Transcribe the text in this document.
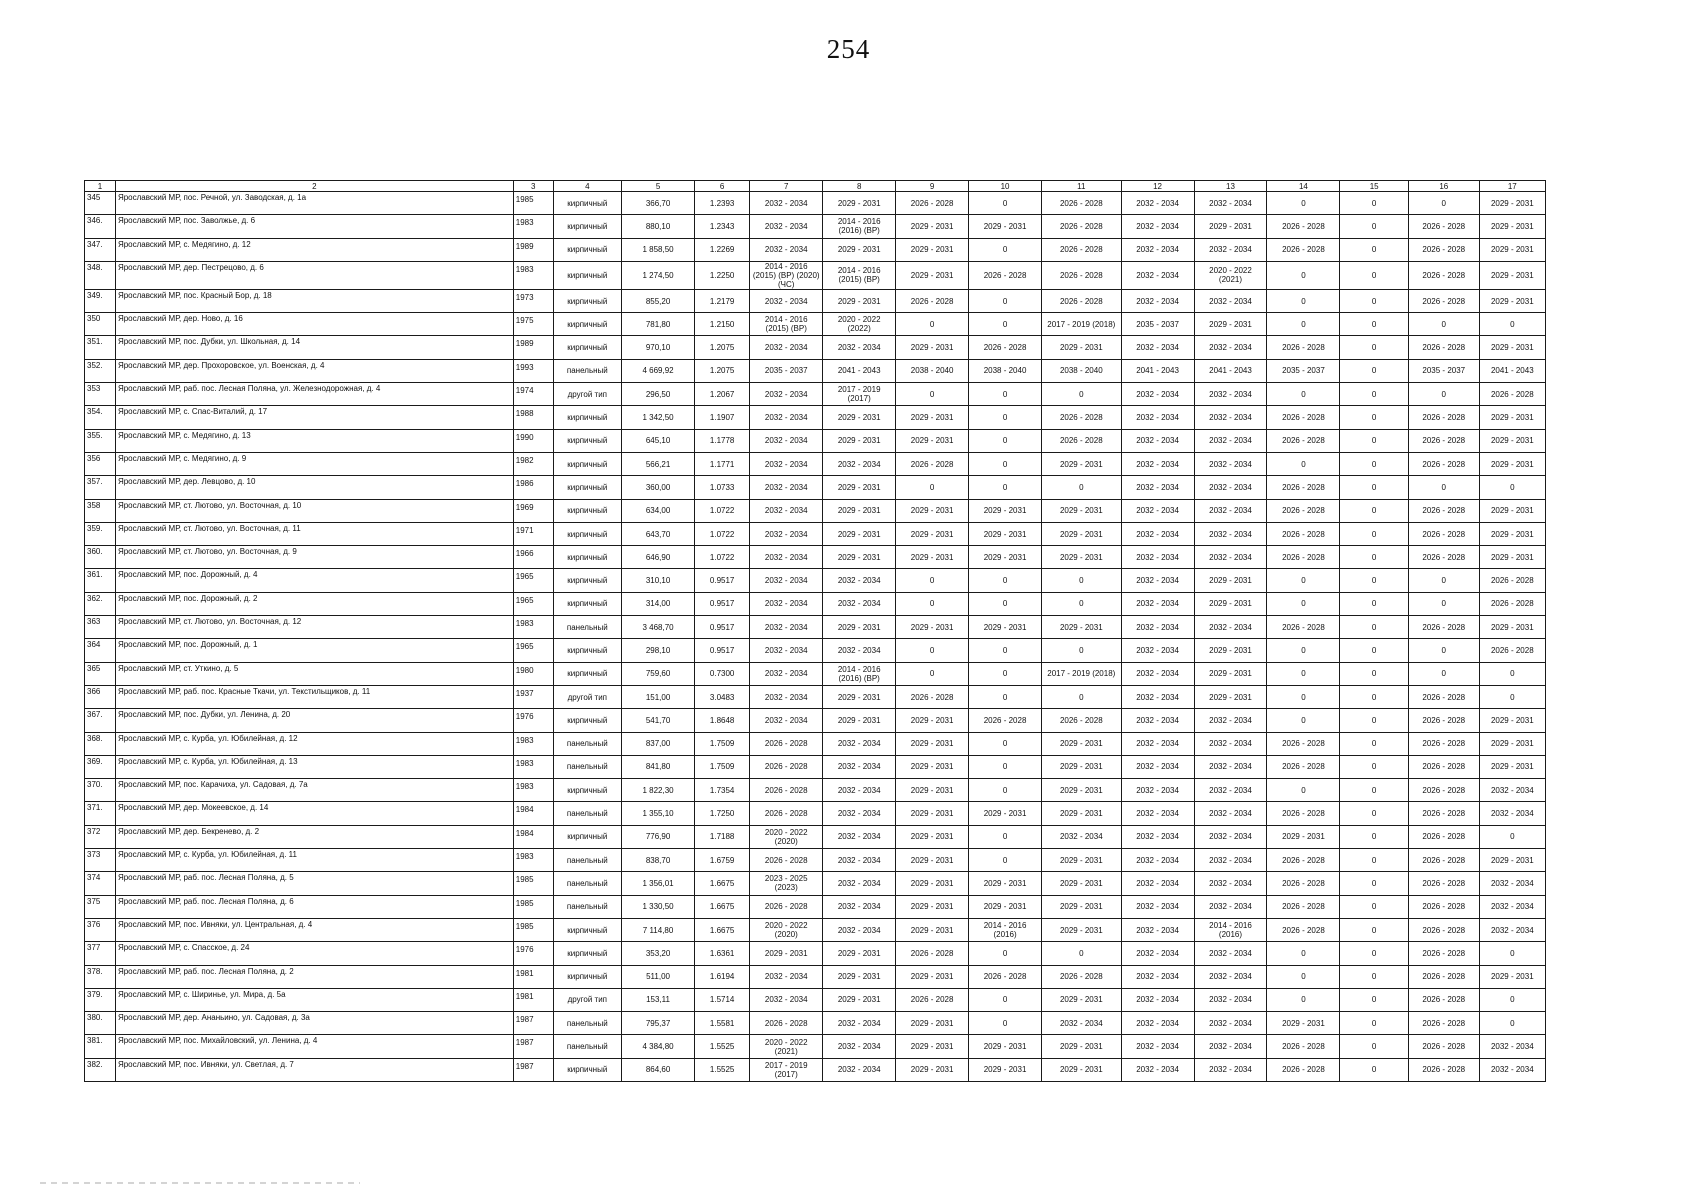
254
1	2	3	4	5	6	7	8	9	10	11	12	13	14	15	16	17
345	Ярославский МР, пос. Речной, ул. Заводская, д. 1а	1985	кирпичный	366,70	1.2393	2032 - 2034	2029 - 2031	2026 - 2028	0	2026 - 2028	2032 - 2034	2032 - 2034	0	0	0	2029 - 2031
346.	Ярославский МР, пос. Заволжье, д. 6	1983	кирпичный	880,10	1.2343	2032 - 2034	2014 - 2016 (2016) (ВР)	2029 - 2031	2029 - 2031	2026 - 2028	2032 - 2034	2029 - 2031	2026 - 2028	0	2026 - 2028	2029 - 2031
347.	Ярославский МР, с. Медягино, д. 12	1989	кирпичный	1 858,50	1.2269	2032 - 2034	2029 - 2031	2029 - 2031	0	2026 - 2028	2032 - 2034	2032 - 2034	2026 - 2028	0	2026 - 2028	2029 - 2031
348.	Ярославский МР, дер. Пестрецово, д. 6	1983	кирпичный	1 274,50	1.2250	2014 - 2016 (2015) (ВР) (2020) (ЧС)	2014 - 2016 (2015) (ВР)	2029 - 2031	2026 - 2028	2026 - 2028	2032 - 2034	2020 - 2022 (2021)	0	0	2026 - 2028	2029 - 2031
349.	Ярославский МР, пос. Красный Бор, д. 18	1973	кирпичный	855,20	1.2179	2032 - 2034	2029 - 2031	2026 - 2028	0	2026 - 2028	2032 - 2034	2032 - 2034	0	0	2026 - 2028	2029 - 2031
350	Ярославский МР, дер. Ново, д. 16	1975	кирпичный	781,80	1.2150	2014 - 2016 (2015) (ВР)	2020 - 2022 (2022)	0	0	2017 - 2019 (2018)	2035 - 2037	2029 - 2031	0	0	0	0
351.	Ярославский МР, пос. Дубки, ул. Школьная, д. 14	1989	кирпичный	970,10	1.2075	2032 - 2034	2032 - 2034	2029 - 2031	2026 - 2028	2029 - 2031	2032 - 2034	2032 - 2034	2026 - 2028	0	2026 - 2028	2029 - 2031
352.	Ярославский МР, дер. Прохоровское, ул. Военская, д. 4	1993	панельный	4 669,92	1.2075	2035 - 2037	2041 - 2043	2038 - 2040	2038 - 2040	2038 - 2040	2041 - 2043	2041 - 2043	2035 - 2037	0	2035 - 2037	2041 - 2043
353	Ярославский МР, раб. пос. Лесная Поляна, ул. Железнодорожная, д. 4	1974	другой тип	296,50	1.2067	2032 - 2034	2017 - 2019 (2017)	0	0	0	2032 - 2034	2032 - 2034	0	0	0	2026 - 2028
354.	Ярославский МР, с. Спас-Виталий, д. 17	1988	кирпичный	1 342,50	1.1907	2032 - 2034	2029 - 2031	2029 - 2031	0	2026 - 2028	2032 - 2034	2032 - 2034	2026 - 2028	0	2026 - 2028	2029 - 2031
355.	Ярославский МР, с. Медягино, д. 13	1990	кирпичный	645,10	1.1778	2032 - 2034	2029 - 2031	2029 - 2031	0	2026 - 2028	2032 - 2034	2032 - 2034	2026 - 2028	0	2026 - 2028	2029 - 2031
356	Ярославский МР, с. Медягино, д. 9	1982	кирпичный	566,21	1.1771	2032 - 2034	2032 - 2034	2026 - 2028	0	2029 - 2031	2032 - 2034	2032 - 2034	0	0	2026 - 2028	2029 - 2031
357.	Ярославский МР, дер. Левцово, д. 10	1986	кирпичный	360,00	1.0733	2032 - 2034	2029 - 2031	0	0	0	2032 - 2034	2032 - 2034	2026 - 2028	0	0	0
358	Ярославский МР, ст. Лютово, ул. Восточная, д. 10	1969	кирпичный	634,00	1.0722	2032 - 2034	2029 - 2031	2029 - 2031	2029 - 2031	2029 - 2031	2032 - 2034	2032 - 2034	2026 - 2028	0	2026 - 2028	2029 - 2031
359.	Ярославский МР, ст. Лютово, ул. Восточная, д. 11	1971	кирпичный	643,70	1.0722	2032 - 2034	2029 - 2031	2029 - 2031	2029 - 2031	2029 - 2031	2032 - 2034	2032 - 2034	2026 - 2028	0	2026 - 2028	2029 - 2031
360.	Ярославский МР, ст. Лютово, ул. Восточная, д. 9	1966	кирпичный	646,90	1.0722	2032 - 2034	2029 - 2031	2029 - 2031	2029 - 2031	2029 - 2031	2032 - 2034	2032 - 2034	2026 - 2028	0	2026 - 2028	2029 - 2031
361.	Ярославский МР, пос. Дорожный, д. 4	1965	кирпичный	310,10	0.9517	2032 - 2034	2032 - 2034	0	0	0	2032 - 2034	2029 - 2031	0	0	0	2026 - 2028
362.	Ярославский МР, пос. Дорожный, д. 2	1965	кирпичный	314,00	0.9517	2032 - 2034	2032 - 2034	0	0	0	2032 - 2034	2029 - 2031	0	0	0	2026 - 2028
363	Ярославский МР, ст. Лютово, ул. Восточная, д. 12	1983	панельный	3 468,70	0.9517	2032 - 2034	2029 - 2031	2029 - 2031	2029 - 2031	2029 - 2031	2032 - 2034	2032 - 2034	2026 - 2028	0	2026 - 2028	2029 - 2031
364	Ярославский МР, пос. Дорожный, д. 1	1965	кирпичный	298,10	0.9517	2032 - 2034	2032 - 2034	0	0	0	2032 - 2034	2029 - 2031	0	0	0	2026 - 2028
365	Ярославский МР, ст. Уткино, д. 5	1980	кирпичный	759,60	0.7300	2032 - 2034	2014 - 2016 (2016) (ВР)	0	0	2017 - 2019 (2018)	2032 - 2034	2029 - 2031	0	0	0	0
366	Ярославский МР, раб. пос. Красные Ткачи, ул. Текстильщиков, д. 11	1937	другой тип	151,00	3.0483	2032 - 2034	2029 - 2031	2026 - 2028	0	0	2032 - 2034	2029 - 2031	0	0	2026 - 2028	0
367.	Ярославский МР, пос. Дубки, ул. Ленина, д. 20	1976	кирпичный	541,70	1.8648	2032 - 2034	2029 - 2031	2029 - 2031	2026 - 2028	2026 - 2028	2032 - 2034	2032 - 2034	0	0	2026 - 2028	2029 - 2031
368.	Ярославский МР, с. Курба, ул. Юбилейная, д. 12	1983	панельный	837,00	1.7509	2026 - 2028	2032 - 2034	2029 - 2031	0	2029 - 2031	2032 - 2034	2032 - 2034	2026 - 2028	0	2026 - 2028	2029 - 2031
369.	Ярославский МР, с. Курба, ул. Юбилейная, д. 13	1983	панельный	841,80	1.7509	2026 - 2028	2032 - 2034	2029 - 2031	0	2029 - 2031	2032 - 2034	2032 - 2034	2026 - 2028	0	2026 - 2028	2029 - 2031
370.	Ярославский МР, пос. Карачиха, ул. Садовая, д. 7а	1983	кирпичный	1 822,30	1.7354	2026 - 2028	2032 - 2034	2029 - 2031	0	2029 - 2031	2032 - 2034	2032 - 2034	0	0	2026 - 2028	2032 - 2034
371.	Ярославский МР, дер. Мокеевское, д. 14	1984	панельный	1 355,10	1.7250	2026 - 2028	2032 - 2034	2029 - 2031	2029 - 2031	2029 - 2031	2032 - 2034	2032 - 2034	2026 - 2028	0	2026 - 2028	2032 - 2034
372	Ярославский МР, дер. Бекренево, д. 2	1984	кирпичный	776,90	1.7188	2020 - 2022 (2020)	2032 - 2034	2029 - 2031	0	2032 - 2034	2032 - 2034	2032 - 2034	2029 - 2031	0	2026 - 2028	0
373	Ярославский МР, с. Курба, ул. Юбилейная, д. 11	1983	панельный	838,70	1.6759	2026 - 2028	2032 - 2034	2029 - 2031	0	2029 - 2031	2032 - 2034	2032 - 2034	2026 - 2028	0	2026 - 2028	2029 - 2031
374	Ярославский МР, раб. пос. Лесная Поляна, д. 5	1985	панельный	1 356,01	1.6675	2023 - 2025 (2023)	2032 - 2034	2029 - 2031	2029 - 2031	2029 - 2031	2032 - 2034	2032 - 2034	2026 - 2028	0	2026 - 2028	2032 - 2034
375	Ярославский МР, раб. пос. Лесная Поляна, д. 6	1985	панельный	1 330,50	1.6675	2026 - 2028	2032 - 2034	2029 - 2031	2029 - 2031	2029 - 2031	2032 - 2034	2032 - 2034	2026 - 2028	0	2026 - 2028	2032 - 2034
376	Ярославский МР, пос. Ивняки, ул. Центральная, д. 4	1985	кирпичный	7 114,80	1.6675	2020 - 2022 (2020)	2032 - 2034	2029 - 2031	2014 - 2016 (2016)	2029 - 2031	2032 - 2034	2014 - 2016 (2016)	2026 - 2028	0	2026 - 2028	2032 - 2034
377	Ярославский МР, с. Спасское, д. 24	1976	кирпичный	353,20	1.6361	2029 - 2031	2029 - 2031	2026 - 2028	0	0	2032 - 2034	2032 - 2034	0	0	2026 - 2028	0
378.	Ярославский МР, раб. пос. Лесная Поляна, д. 2	1981	кирпичный	511,00	1.6194	2032 - 2034	2029 - 2031	2029 - 2031	2026 - 2028	2026 - 2028	2032 - 2034	2032 - 2034	0	0	2026 - 2028	2029 - 2031
379.	Ярославский МР, с. Ширинье, ул. Мира, д. 5а	1981	другой тип	153,11	1.5714	2032 - 2034	2029 - 2031	2026 - 2028	0	2029 - 2031	2032 - 2034	2032 - 2034	0	0	2026 - 2028	0
380.	Ярославский МР, дер. Ананьино, ул. Садовая, д. 3а	1987	панельный	795,37	1.5581	2026 - 2028	2032 - 2034	2029 - 2031	0	2032 - 2034	2032 - 2034	2032 - 2034	2029 - 2031	0	2026 - 2028	0
381.	Ярославский МР, пос. Михайловский, ул. Ленина, д. 4	1987	панельный	4 384,80	1.5525	2020 - 2022 (2021)	2032 - 2034	2029 - 2031	2029 - 2031	2029 - 2031	2032 - 2034	2032 - 2034	2026 - 2028	0	2026 - 2028	2032 - 2034
382.	Ярославский МР, пос. Ивняки, ул. Светлая, д. 7	1987	кирпичный	864,60	1.5525	2017 - 2019 (2017)	2032 - 2034	2029 - 2031	2029 - 2031	2029 - 2031	2032 - 2034	2032 - 2034	2026 - 2028	0	2026 - 2028	2032 - 2034
